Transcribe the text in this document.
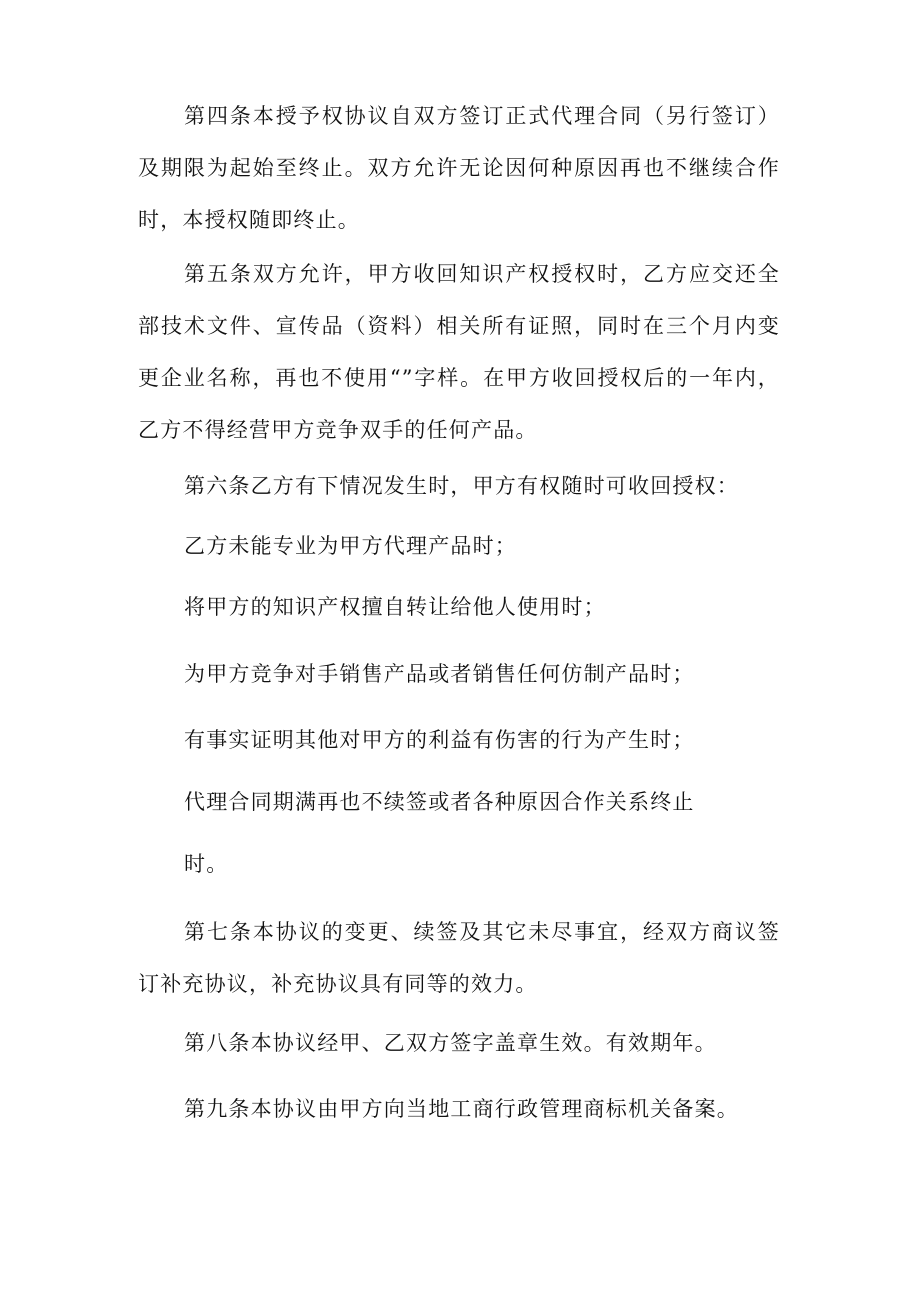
第四条本授予权协议自双方签订正式代理合同（另行签订）及期限为起始至终止。双方允许无论因何种原因再也不继续合作时，本授权随即终止。

第五条双方允许，甲方收回知识产权授权时，乙方应交还全部技术文件、宣传品（资料）相关所有证照，同时在三个月内变更企业名称，再也不使用“”字样。在甲方收回授权后的一年内，乙方不得经营甲方竞争双手的任何产品。

第六条乙方有下情况发生时，甲方有权随时可收回授权：

乙方未能专业为甲方代理产品时；

将甲方的知识产权擅自转让给他人使用时；

为甲方竞争对手销售产品或者销售任何仿制产品时；

有事实证明其他对甲方的利益有伤害的行为产生时；

代理合同期满再也不续签或者各种原因合作关系终止

时。

第七条本协议的变更、续签及其它未尽事宜，经双方商议签订补充协议，补充协议具有同等的效力。

第八条本协议经甲、乙双方签字盖章生效。有效期年。

第九条本协议由甲方向当地工商行政管理商标机关备案。
